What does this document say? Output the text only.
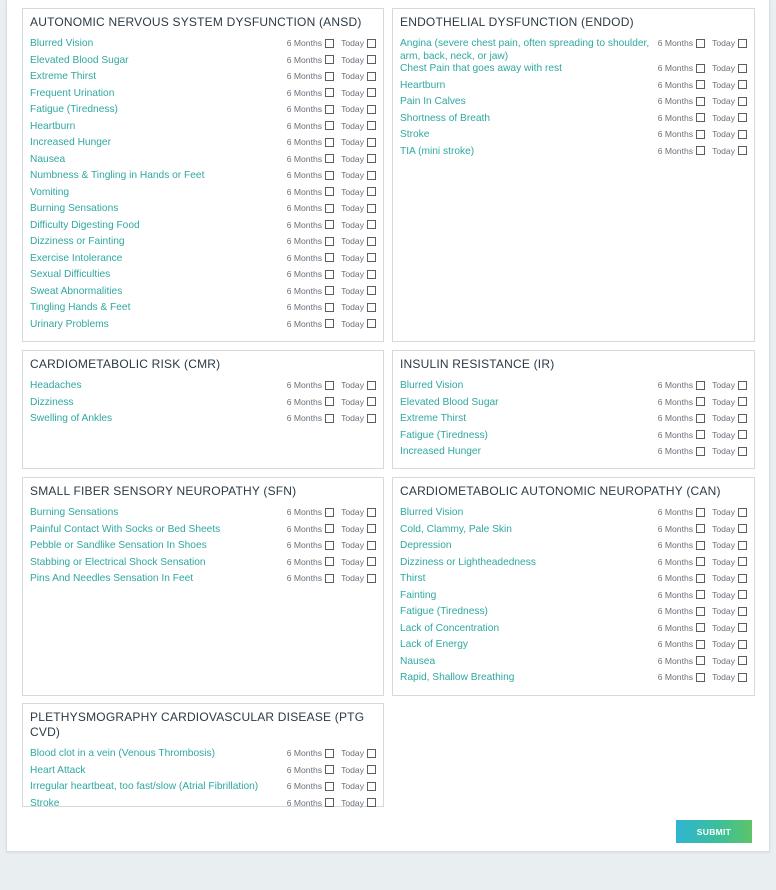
AUTONOMIC NERVOUS SYSTEM DYSFUNCTION (ANSD)
Blurred Vision	6 Months Today
Elevated Blood Sugar	6 Months Today
Extreme Thirst	6 Months Today
Frequent Urination	6 Months Today
Fatigue (Tiredness)	6 Months Today
Heartburn	6 Months Today
Increased Hunger	6 Months Today
Nausea	6 Months Today
Numbness & Tingling in Hands or Feet	6 Months Today
Vomiting	6 Months Today
Burning Sensations	6 Months Today
Difficulty Digesting Food	6 Months Today
Dizziness or Fainting	6 Months Today
Exercise Intolerance	6 Months Today
Sexual Difficulties	6 Months Today
Sweat Abnormalities	6 Months Today
Tingling Hands & Feet	6 Months Today
Urinary Problems	6 Months Today
ENDOTHELIAL DYSFUNCTION (ENDOD)
Angina (severe chest pain, often spreading to shoulder, arm, back, neck, or jaw)
6 Months Today
Chest Pain that goes away with rest	6 Months Today
Heartburn	6 Months Today
Pain In Calves	6 Months Today
Shortness of Breath	6 Months Today
Stroke	6 Months Today
TIA (mini stroke)	6 Months Today
CARDIOMETABOLIC RISK (CMR)
Headaches	6 Months Today
Dizziness	6 Months Today
Swelling of Ankles	6 Months Today
INSULIN RESISTANCE (IR)
Blurred Vision	6 Months Today
Elevated Blood Sugar	6 Months Today
Extreme Thirst	6 Months Today
Fatigue (Tiredness)	6 Months Today
Increased Hunger	6 Months Today
SMALL FIBER SENSORY NEUROPATHY (SFN)
Burning Sensations	6 Months Today
Painful Contact With Socks or Bed Sheets	6 Months Today
Pebble or Sandlike Sensation In Shoes	6 Months Today
Stabbing or Electrical Shock Sensation	6 Months Today
Pins And Needles Sensation In Feet	6 Months Today
CARDIOMETABOLIC AUTONOMIC NEUROPATHY (CAN)
Blurred Vision	6 Months Today
Cold, Clammy, Pale Skin	6 Months Today
Depression	6 Months Today
Dizziness or Lightheadedness	6 Months Today
Thirst	6 Months Today
Fainting	6 Months Today
Fatigue (Tiredness)	6 Months Today
Lack of Concentration	6 Months Today
Lack of Energy	6 Months Today
Nausea	6 Months Today
Rapid, Shallow Breathing	6 Months Today
PLETHYSMOGRAPHY CARDIOVASCULAR DISEASE (PTG CVD)
Blood clot in a vein (Venous Thrombosis)	6 Months Today
Heart Attack	6 Months Today
Irregular heartbeat, too fast/slow (Atrial Fibrillation)	6 Months Today
Stroke	6 Months Today
SUBMIT
